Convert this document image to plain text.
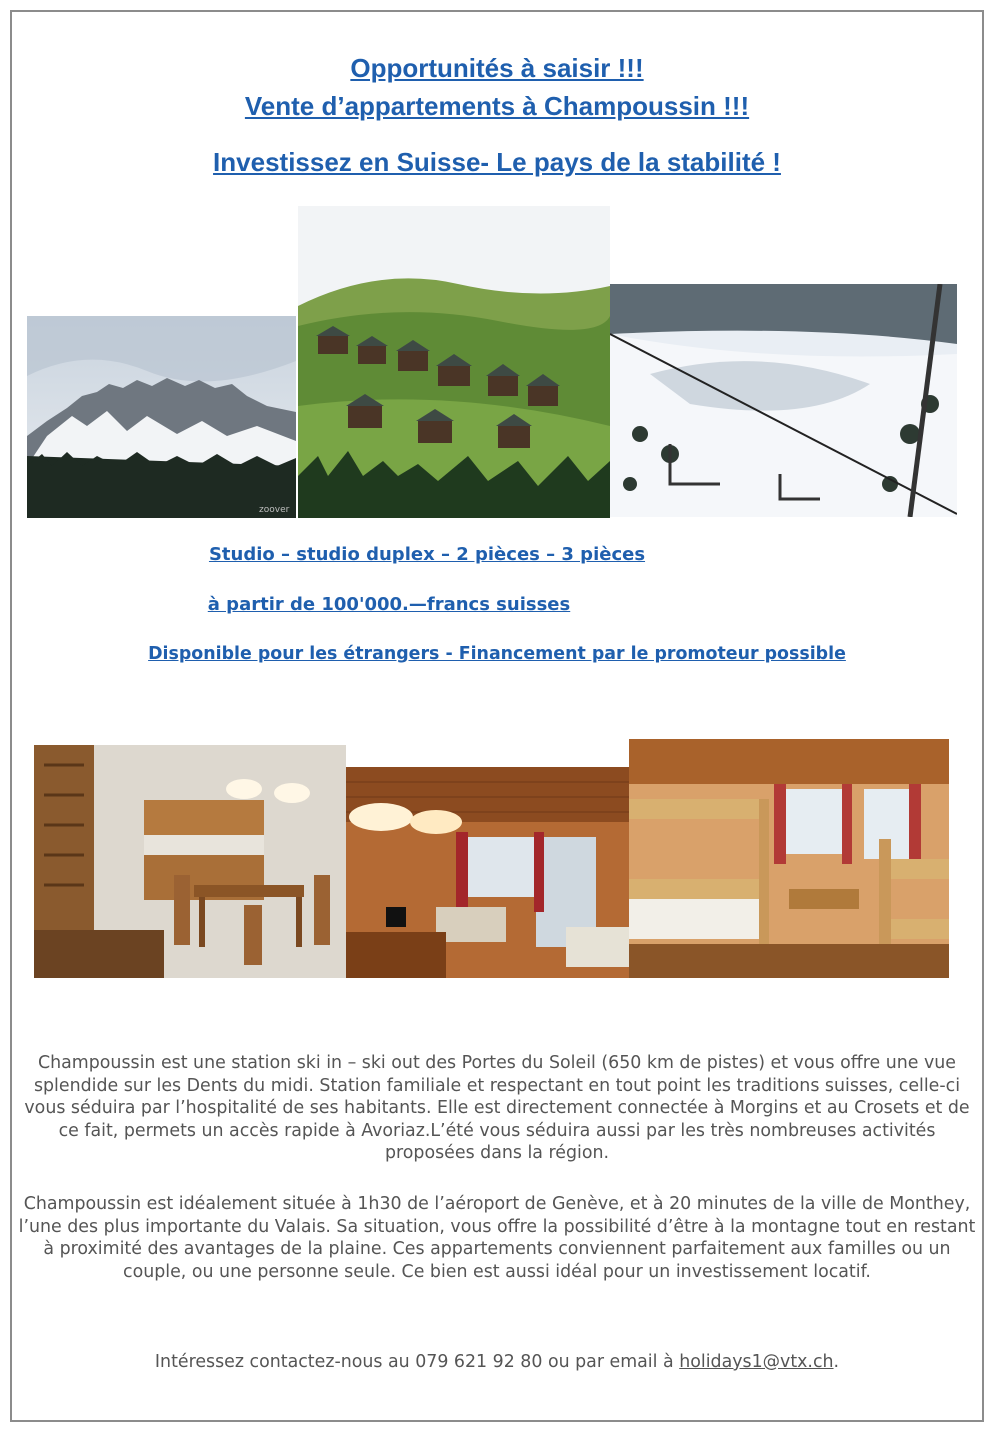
Opportunités à saisir !!!
Vente d’appartements à Champoussin !!!
Investissez en Suisse- Le pays de la stabilité !
zoover
Studio – studio duplex – 2 pièces – 3 pièces
à partir de 100'000.—francs suisses
Disponible pour les étrangers - Financement par le promoteur possible

Champoussin est une station ski in – ski out des Portes du Soleil (650 km de pistes) et vous offre une vue splendide sur les Dents du midi. Station familiale et respectant en tout point les traditions suisses, celle-ci vous séduira par l’hospitalité de ses habitants. Elle est directement connectée à Morgins et au Crosets et de ce fait, permets un accès rapide à Avoriaz.L’été vous séduira aussi par les très nombreuses activités proposées dans la région.

Champoussin est idéalement située à 1h30 de l’aéroport de Genève, et à 20 minutes de la ville de Monthey, l’une des plus importante du Valais. Sa situation, vous offre la possibilité d’être à la montagne tout en restant à proximité des avantages de la plaine. Ces appartements conviennent parfaitement aux familles ou un couple, ou une personne seule. Ce bien est aussi idéal pour un investissement locatif.

Intéressez contactez-nous au 079 621 92 80 ou par email à holidays1@vtx.ch.
